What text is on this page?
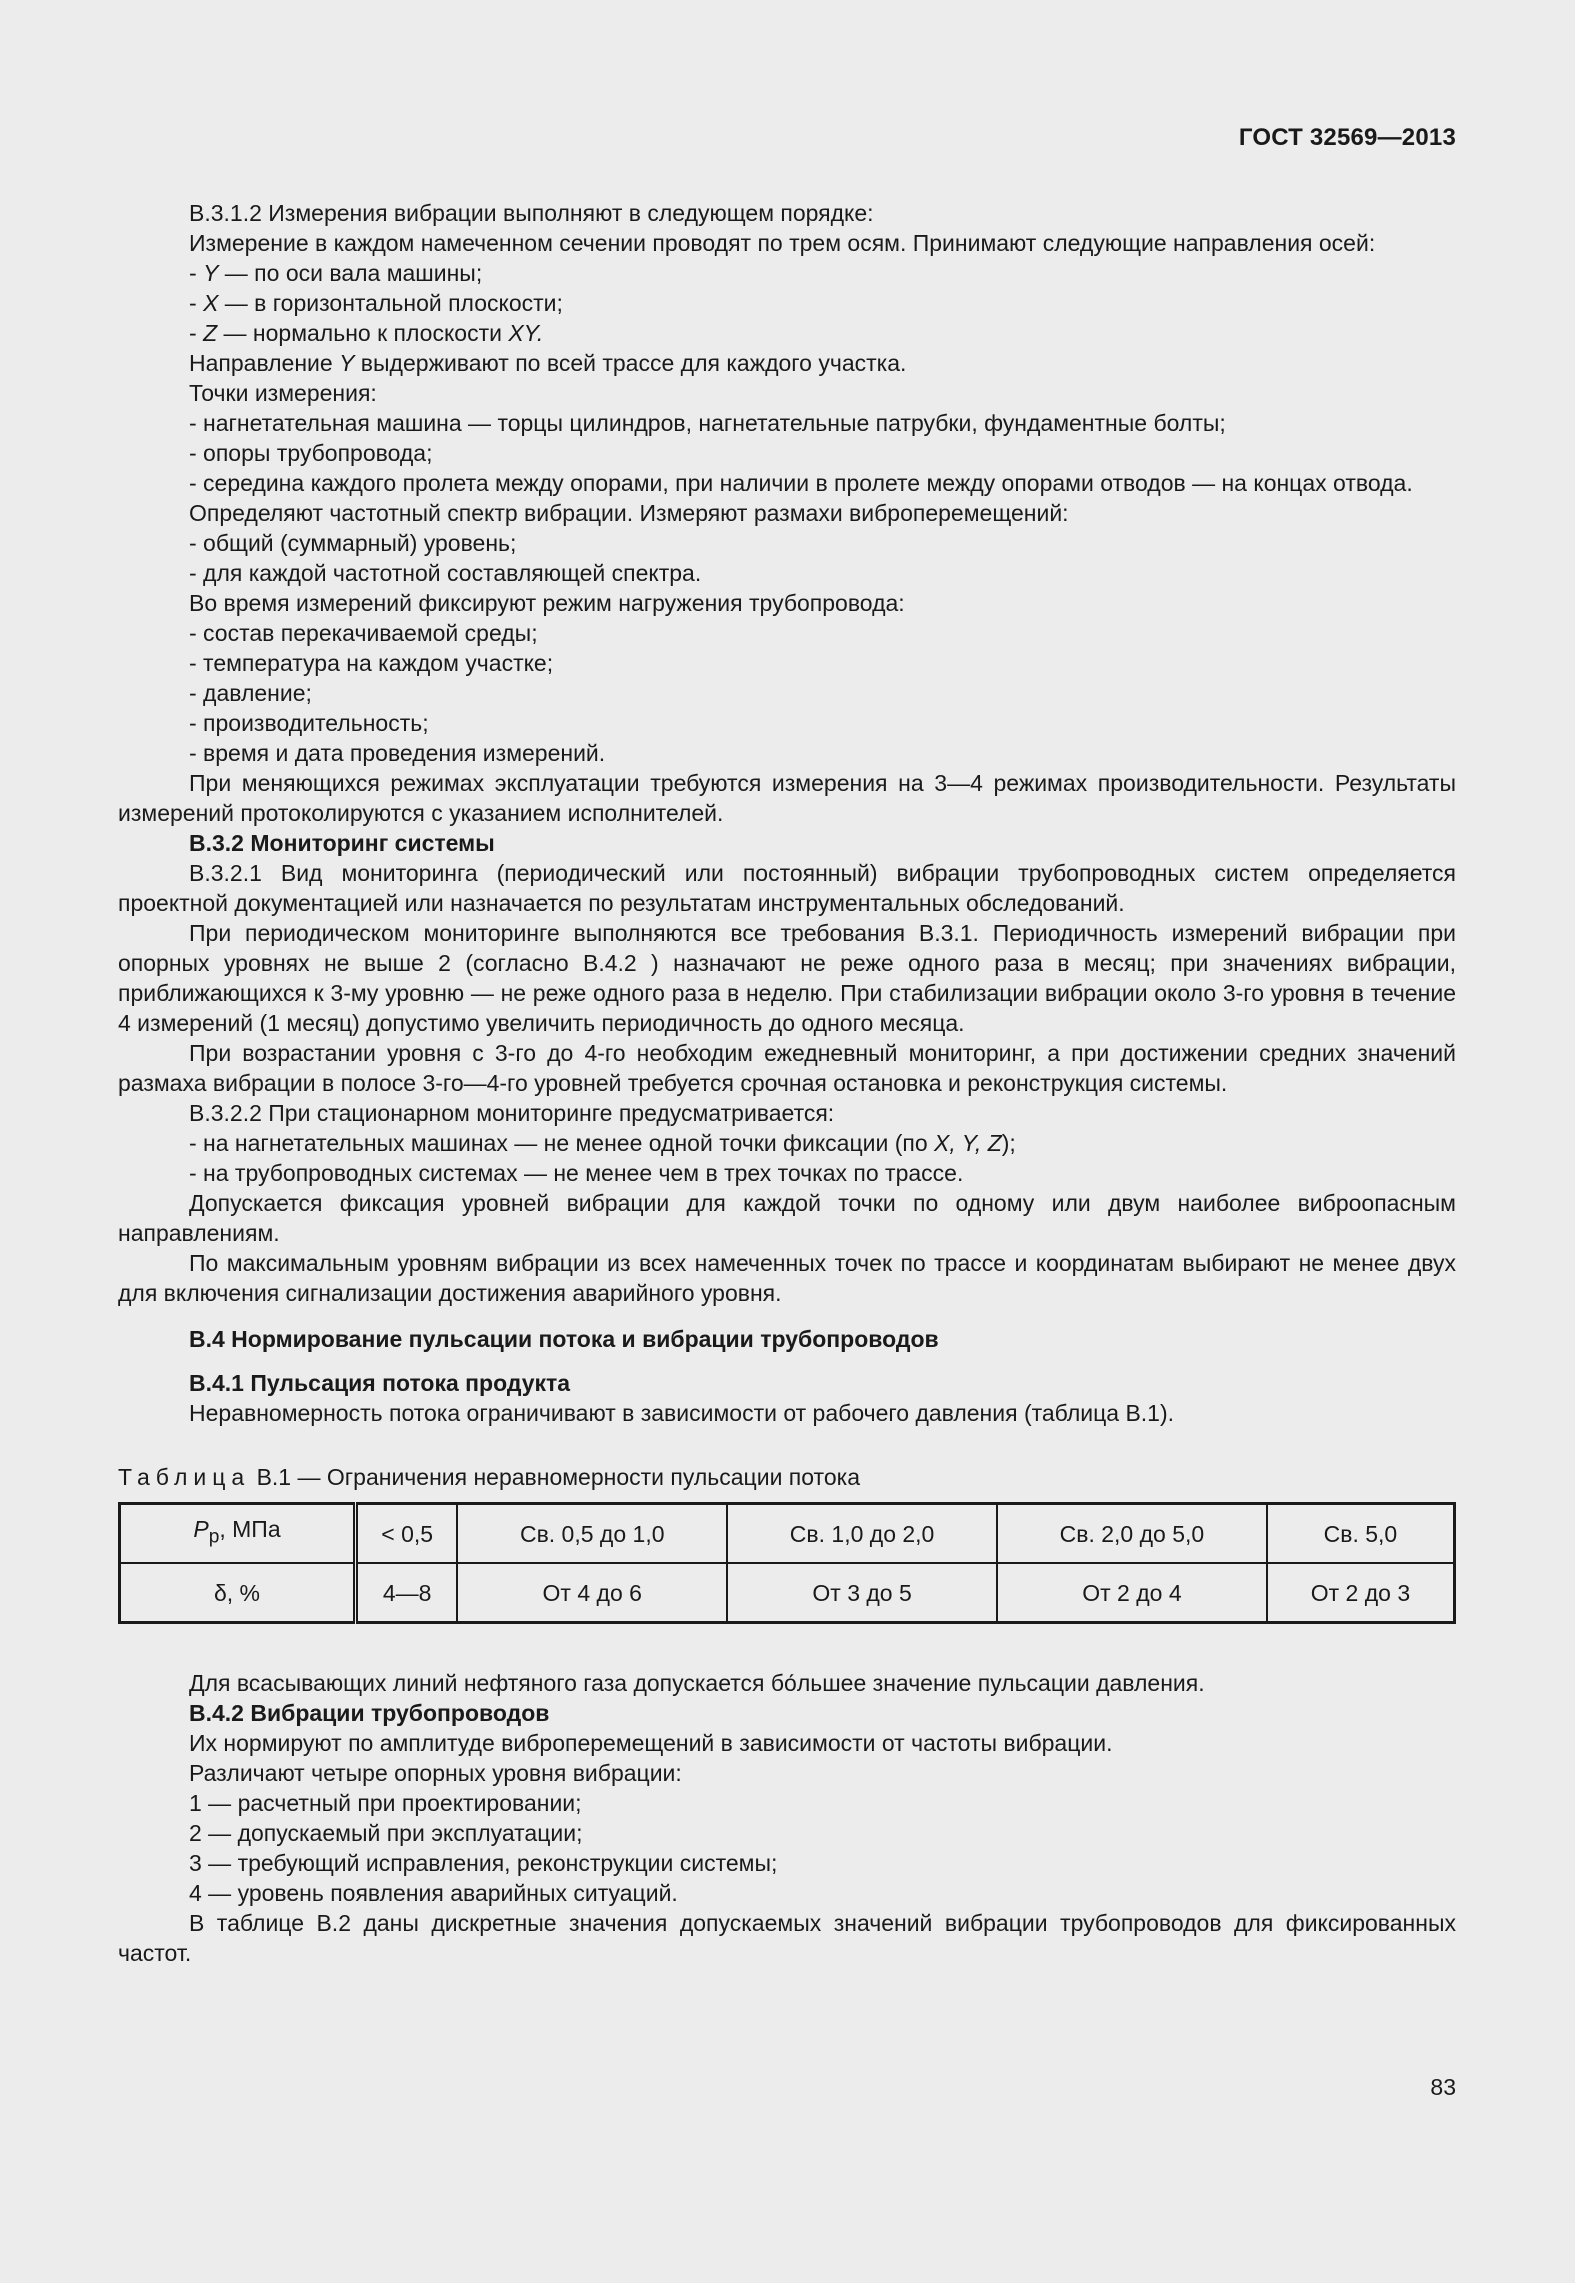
ГОСТ 32569—2013

В.3.1.2 Измерения вибрации выполняют в следующем порядке:

Измерение в каждом намеченном сечении проводят по трем осям. Принимают следующие направления осей:

- Y — по оси вала машины;

- X — в горизонтальной плоскости;

- Z — нормально к плоскости XY.

Направление Y выдерживают по всей трассе для каждого участка.

Точки измерения:

- нагнетательная машина — торцы цилиндров, нагнетательные патрубки, фундаментные болты;

- опоры трубопровода;

- середина каждого пролета между опорами, при наличии в пролете между опорами отводов — на концах отвода.

Определяют частотный спектр вибрации. Измеряют размахи виброперемещений:

- общий (суммарный) уровень;

- для каждой частотной составляющей спектра.

Во время измерений фиксируют режим нагружения трубопровода:

- состав перекачиваемой среды;

- температура на каждом участке;

- давление;

- производительность;

- время и дата проведения измерений.

При меняющихся режимах эксплуатации требуются измерения на 3—4 режимах производительности. Результаты измерений протоколируются с указанием исполнителей.

В.3.2 Мониторинг системы

В.3.2.1 Вид мониторинга (периодический или постоянный) вибрации трубопроводных систем определяется проектной документацией или назначается по результатам инструментальных обследований.

При периодическом мониторинге выполняются все требования В.3.1. Периодичность измерений вибрации при опорных уровнях не выше 2 (согласно В.4.2 ) назначают не реже одного раза в месяц; при значениях вибрации, приближающихся к 3-му уровню — не реже одного раза в неделю. При стабилизации вибрации около 3-го уровня в течение 4 измерений (1 месяц) допустимо увеличить периодичность до одного месяца.

При возрастании уровня с 3-го до 4-го необходим ежедневный мониторинг, а при достижении средних значений размаха вибрации в полосе 3-го—4-го уровней требуется срочная остановка и реконструкция системы.

В.3.2.2 При стационарном мониторинге предусматривается:

- на нагнетательных машинах — не менее одной точки фиксации (по X, Y, Z);

- на трубопроводных системах — не менее чем в трех точках по трассе.

Допускается фиксация уровней вибрации для каждой точки по одному или двум наиболее виброопасным направлениям.

По максимальным уровням вибрации из всех намеченных точек по трассе и координатам выбирают не менее двух для включения сигнализации достижения аварийного уровня.

В.4 Нормирование пульсации потока и вибрации трубопроводов

В.4.1 Пульсация потока продукта

Неравномерность потока ограничивают в зависимости от рабочего давления (таблица В.1).

Таблица В.1 — Ограничения неравномерности пульсации потока

$P_р$, МПа	< 0,5	Св. 0,5 до 1,0	Св. 1,0 до 2,0	Св. 2,0 до 5,0	Св. 5,0
δ, %	4—8	От 4 до 6	От 3 до 5	От 2 до 4	От 2 до 3

Для всасывающих линий нефтяного газа допускается бо́льшее значение пульсации давления.

В.4.2 Вибрации трубопроводов

Их нормируют по амплитуде виброперемещений в зависимости от частоты вибрации.

Различают четыре опорных уровня вибрации:

1 — расчетный при проектировании;

2 — допускаемый при эксплуатации;

3 — требующий исправления, реконструкции системы;

4 — уровень появления аварийных ситуаций.

В таблице В.2 даны дискретные значения допускаемых значений вибрации трубопроводов для фиксированных частот.

83
